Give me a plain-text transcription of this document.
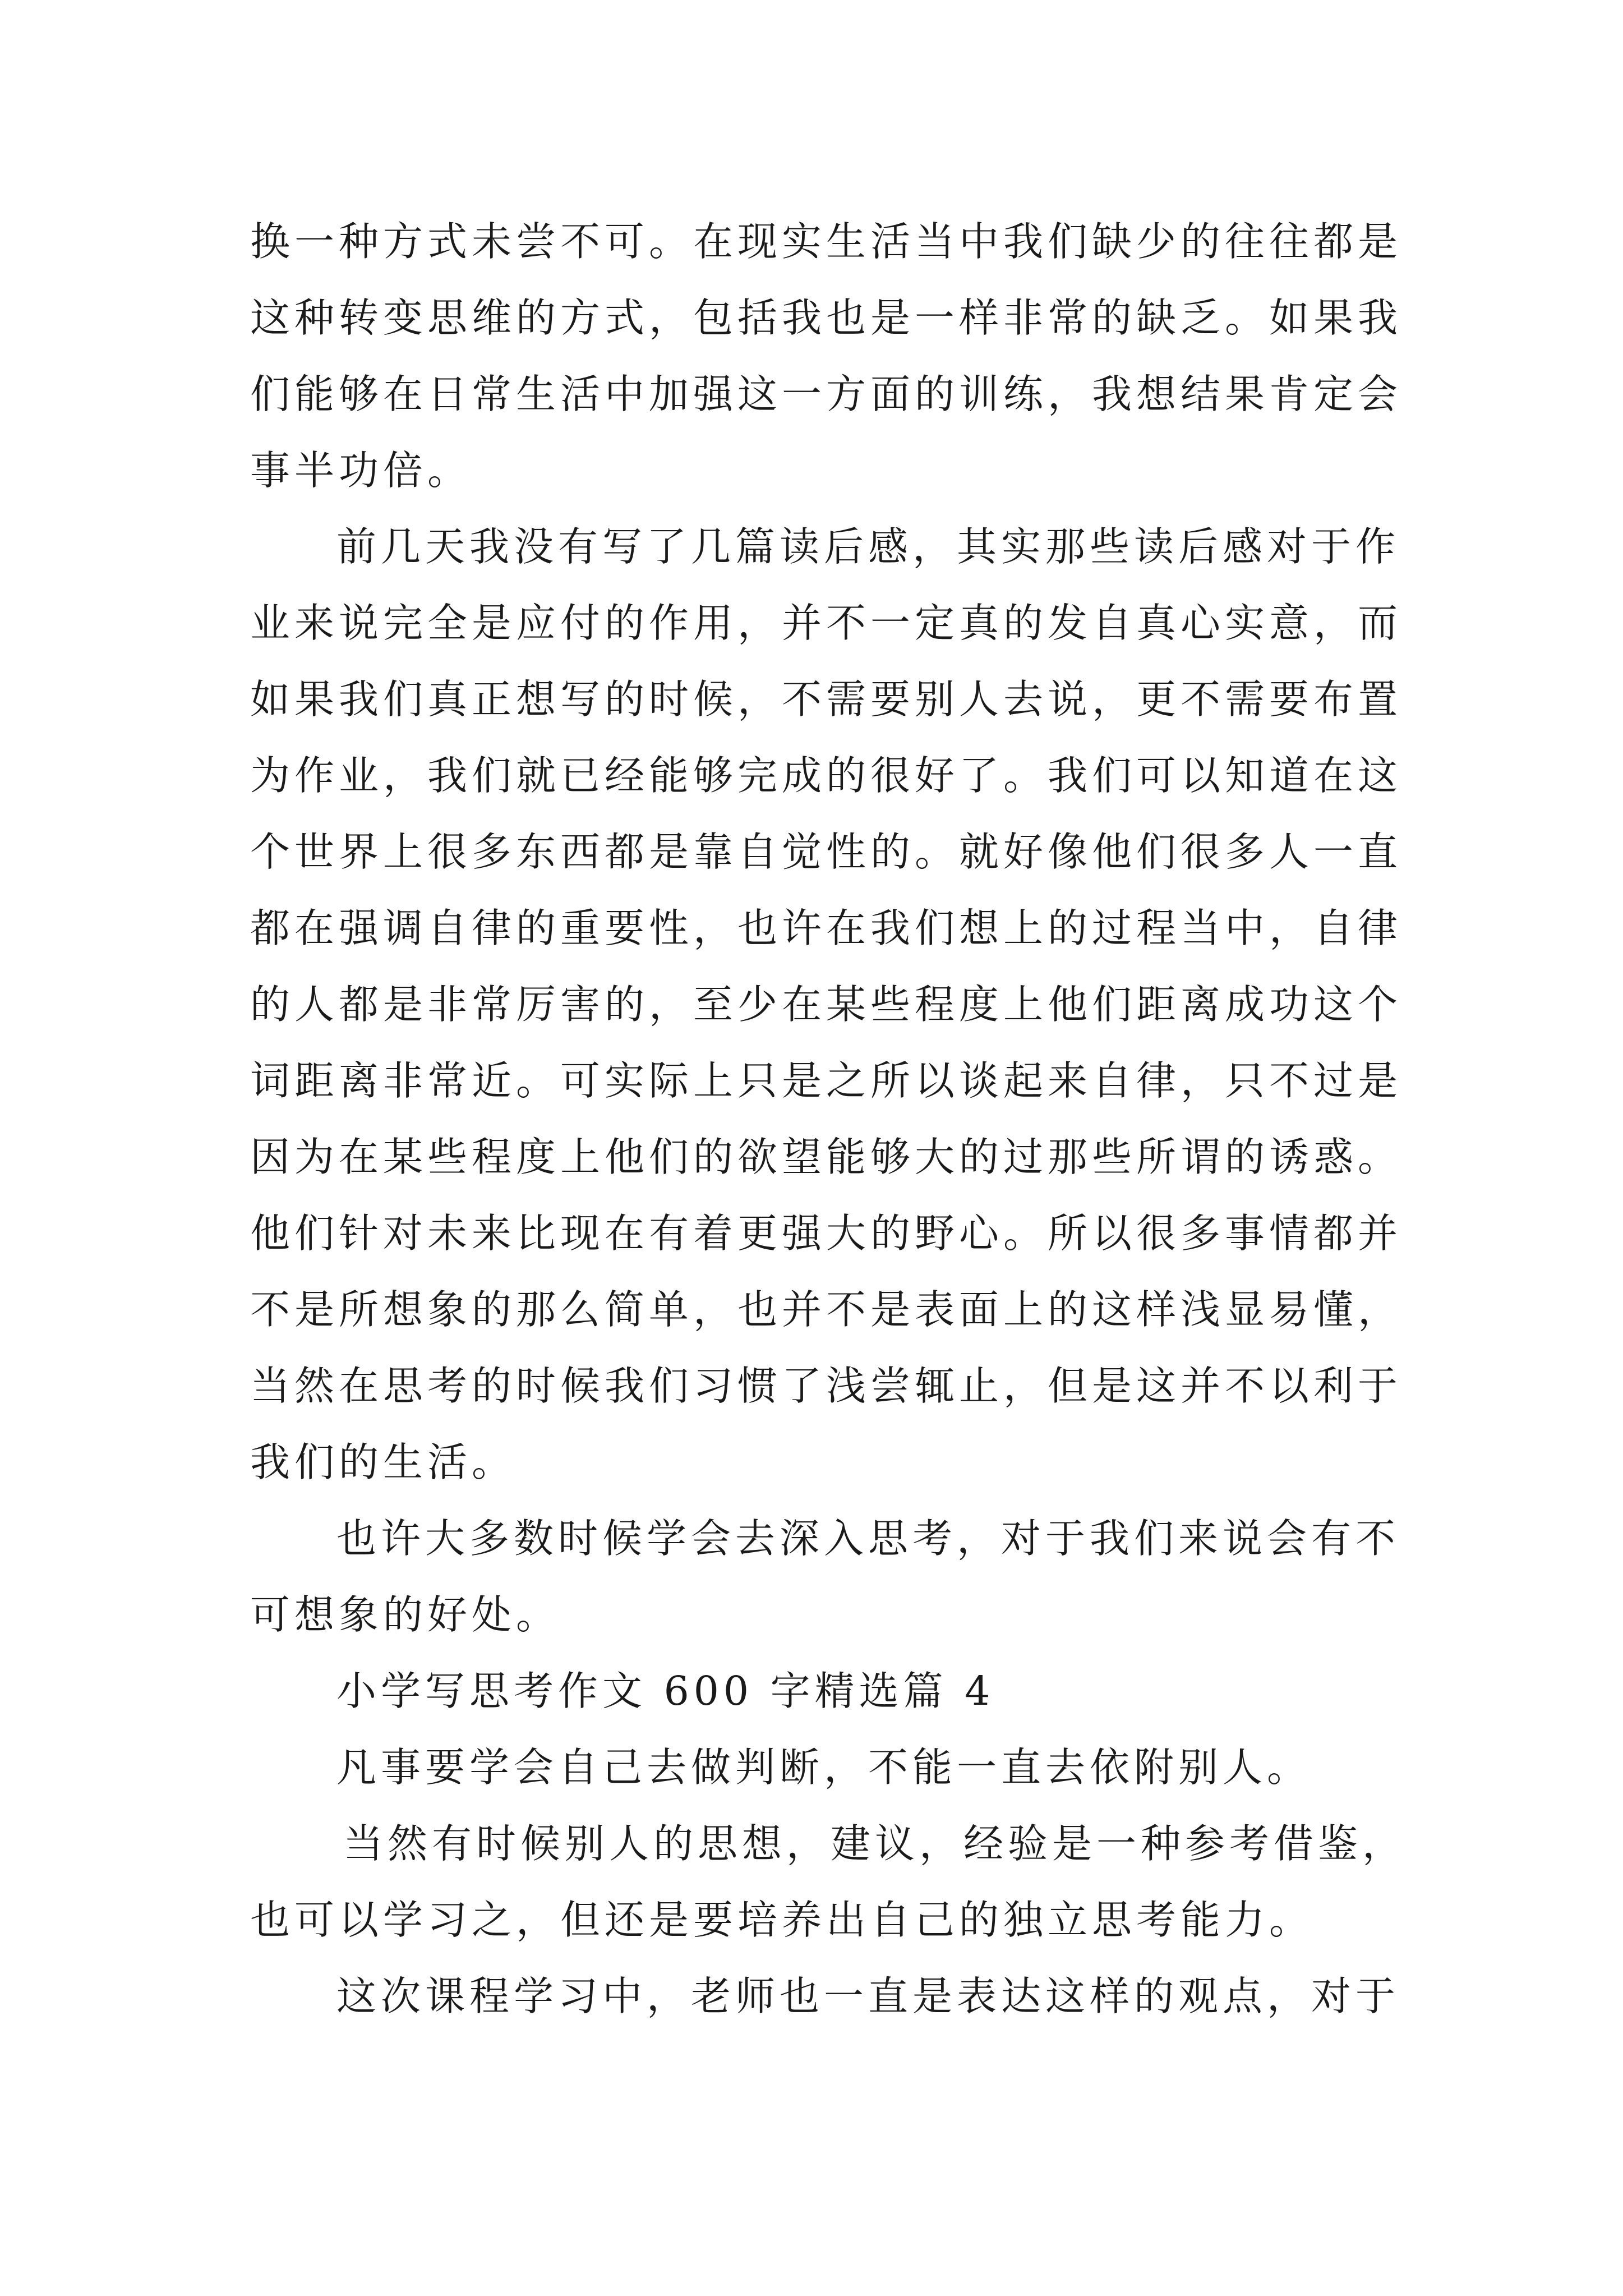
换一种方式未尝不可。在现实生活当中我们缺少的往往都是
这种转变思维的方式，包括我也是一样非常的缺乏。如果我
们能够在日常生活中加强这一方面的训练，我想结果肯定会
事半功倍。
前几天我没有写了几篇读后感，其实那些读后感对于作
业来说完全是应付的作用，并不一定真的发自真心实意，而
如果我们真正想写的时候，不需要别人去说，更不需要布置
为作业，我们就已经能够完成的很好了。我们可以知道在这
个世界上很多东西都是靠自觉性的。就好像他们很多人一直
都在强调自律的重要性，也许在我们想上的过程当中，自律
的人都是非常厉害的，至少在某些程度上他们距离成功这个
词距离非常近。可实际上只是之所以谈起来自律，只不过是
因为在某些程度上他们的欲望能够大的过那些所谓的诱惑。
他们针对未来比现在有着更强大的野心。所以很多事情都并
不是所想象的那么简单，也并不是表面上的这样浅显易懂，
当然在思考的时候我们习惯了浅尝辄止，但是这并不以利于
我们的生活。
也许大多数时候学会去深入思考，对于我们来说会有不
可想象的好处。
小学写思考作文 600 字精选篇 4
凡事要学会自己去做判断，不能一直去依附别人。
当然有时候别人的思想，建议，经验是一种参考借鉴，
也可以学习之，但还是要培养出自己的独立思考能力。
这次课程学习中，老师也一直是表达这样的观点，对于
